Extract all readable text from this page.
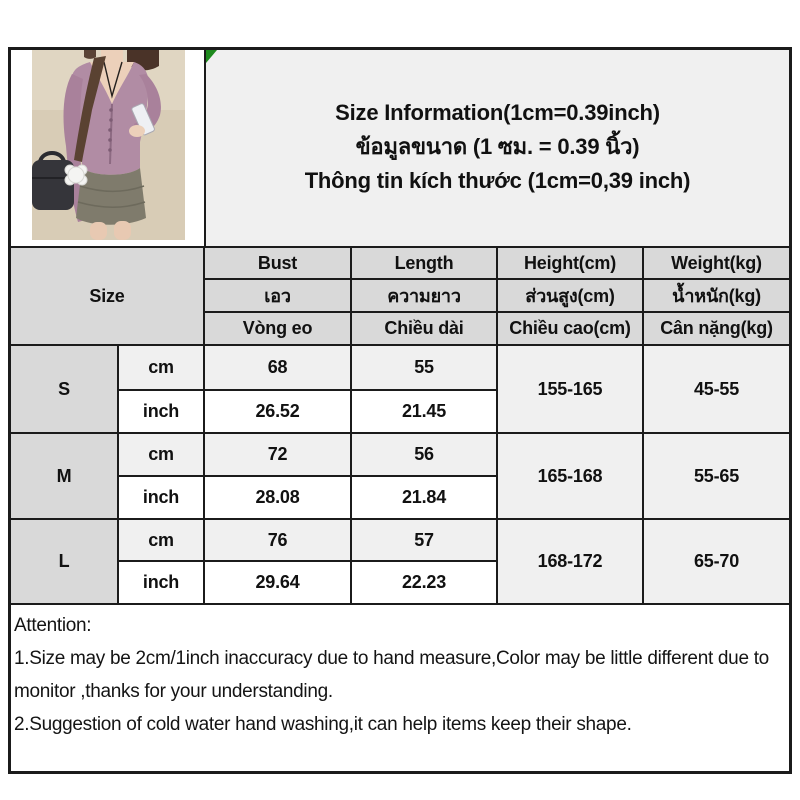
Size Information(1cm=0.39inch)
ข้อมูลขนาด (1 ซม. = 0.39 นิ้ว)
Thông tin kích thước (1cm=0,39 inch)
Size		Bust	Length	Height(cm)	Weight(kg)
		เอว	ความยาว	ส่วนสูง(cm)	น้ำหนัก(kg)
		Vòng eo	Chiều dài	Chiều cao(cm)	Cân nặng(kg)
S	cm	68	55	155-165	45-55
	inch	26.52	21.45		
M	cm	72	56	165-168	55-65
	inch	28.08	21.84		
L	cm	76	57	168-172	65-70
	inch	29.64	22.23		
Attention:
1.Size may be 2cm/1inch inaccuracy due to hand measure,Color may be little different due to monitor ,thanks for your understanding.
2.Suggestion of cold water hand washing,it can help items keep their shape.
